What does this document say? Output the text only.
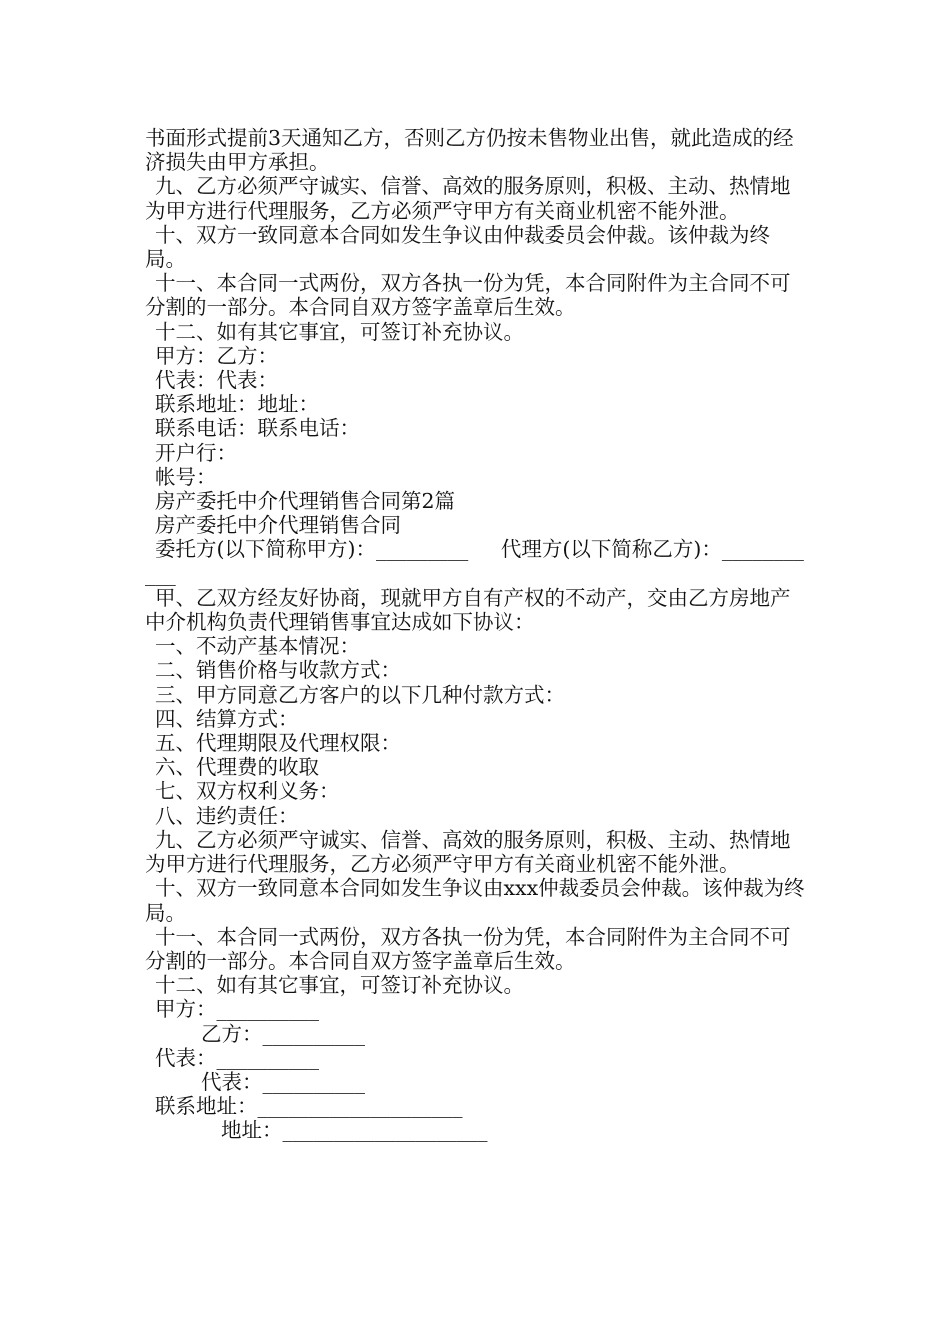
书面形式提前3天通知乙方，否则乙方仍按未售物业出售，就此造成的经济损失由甲方承担。

九、乙方必须严守诚实、信誉、高效的服务原则，积极、主动、热情地为甲方进行代理服务，乙方必须严守甲方有关商业机密不能外泄。

十、双方一致同意本合同如发生争议由仲裁委员会仲裁。该仲裁为终局。

十一、本合同一式两份，双方各执一份为凭，本合同附件为主合同不可分割的一部分。本合同自双方签字盖章后生效。

十二、如有其它事宜，可签订补充协议。

甲方：乙方：

代表：代表：

联系地址：地址：

联系电话：联系电话：

开户行：

帐号：

房产委托中介代理销售合同第2篇

房产委托中介代理销售合同

委托方(以下简称甲方)：_________     代理方(以下简称乙方)：___________

甲、乙双方经友好协商，现就甲方自有产权的不动产，交由乙方房地产中介机构负责代理销售事宜达成如下协议：

一、不动产基本情况：

二、销售价格与收款方式：

三、甲方同意乙方客户的以下几种付款方式：

四、结算方式：

五、代理期限及代理权限：

六、代理费的收取

七、双方权利义务：

八、违约责任：

九、乙方必须严守诚实、信誉、高效的服务原则，积极、主动、热情地为甲方进行代理服务，乙方必须严守甲方有关商业机密不能外泄。

十、双方一致同意本合同如发生争议由xxx仲裁委员会仲裁。该仲裁为终局。

十一、本合同一式两份，双方各执一份为凭，本合同附件为主合同不可分割的一部分。本合同自双方签字盖章后生效。

十二、如有其它事宜，可签订补充协议。

甲方：__________

乙方：__________

代表：__________

代表：__________

联系地址：____________________

地址：____________________
